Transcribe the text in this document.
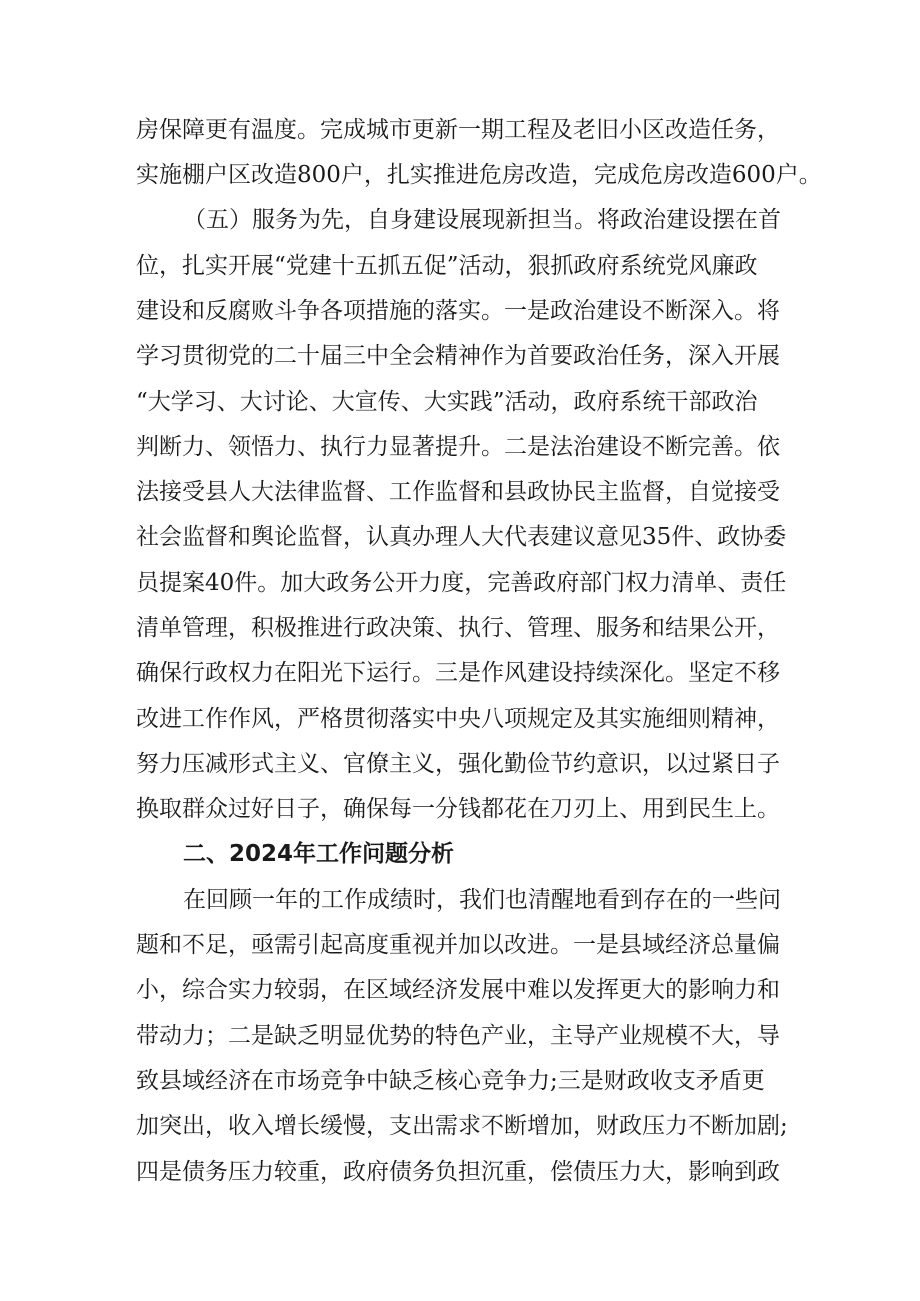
房保障更有温度。完成城市更新一期工程及老旧小区改造任务，
实施棚户区改造800户，扎实推进危房改造，完成危房改造600户。
（五）服务为先，自身建设展现新担当。将政治建设摆在首
位，扎实开展“党建十五抓五促”活动，狠抓政府系统党风廉政
建设和反腐败斗争各项措施的落实。一是政治建设不断深入。将
学习贯彻党的二十届三中全会精神作为首要政治任务，深入开展
“大学习、大讨论、大宣传、大实践”活动，政府系统干部政治
判断力、领悟力、执行力显著提升。二是法治建设不断完善。依
法接受县人大法律监督、工作监督和县政协民主监督，自觉接受
社会监督和舆论监督，认真办理人大代表建议意见35件、政协委
员提案40件。加大政务公开力度，完善政府部门权力清单、责任
清单管理，积极推进行政决策、执行、管理、服务和结果公开，
确保行政权力在阳光下运行。三是作风建设持续深化。坚定不移
改进工作作风，严格贯彻落实中央八项规定及其实施细则精神，
努力压减形式主义、官僚主义，强化勤俭节约意识，以过紧日子
换取群众过好日子，确保每一分钱都花在刀刃上、用到民生上。
二、2024年工作问题分析
在回顾一年的工作成绩时，我们也清醒地看到存在的一些问
题和不足，亟需引起高度重视并加以改进。一是县域经济总量偏
小，综合实力较弱，在区域经济发展中难以发挥更大的影响力和
带动力；二是缺乏明显优势的特色产业，主导产业规模不大，导
致县域经济在市场竞争中缺乏核心竞争力;三是财政收支矛盾更
加突出，收入增长缓慢，支出需求不断增加，财政压力不断加剧;
四是债务压力较重，政府债务负担沉重，偿债压力大，影响到政
